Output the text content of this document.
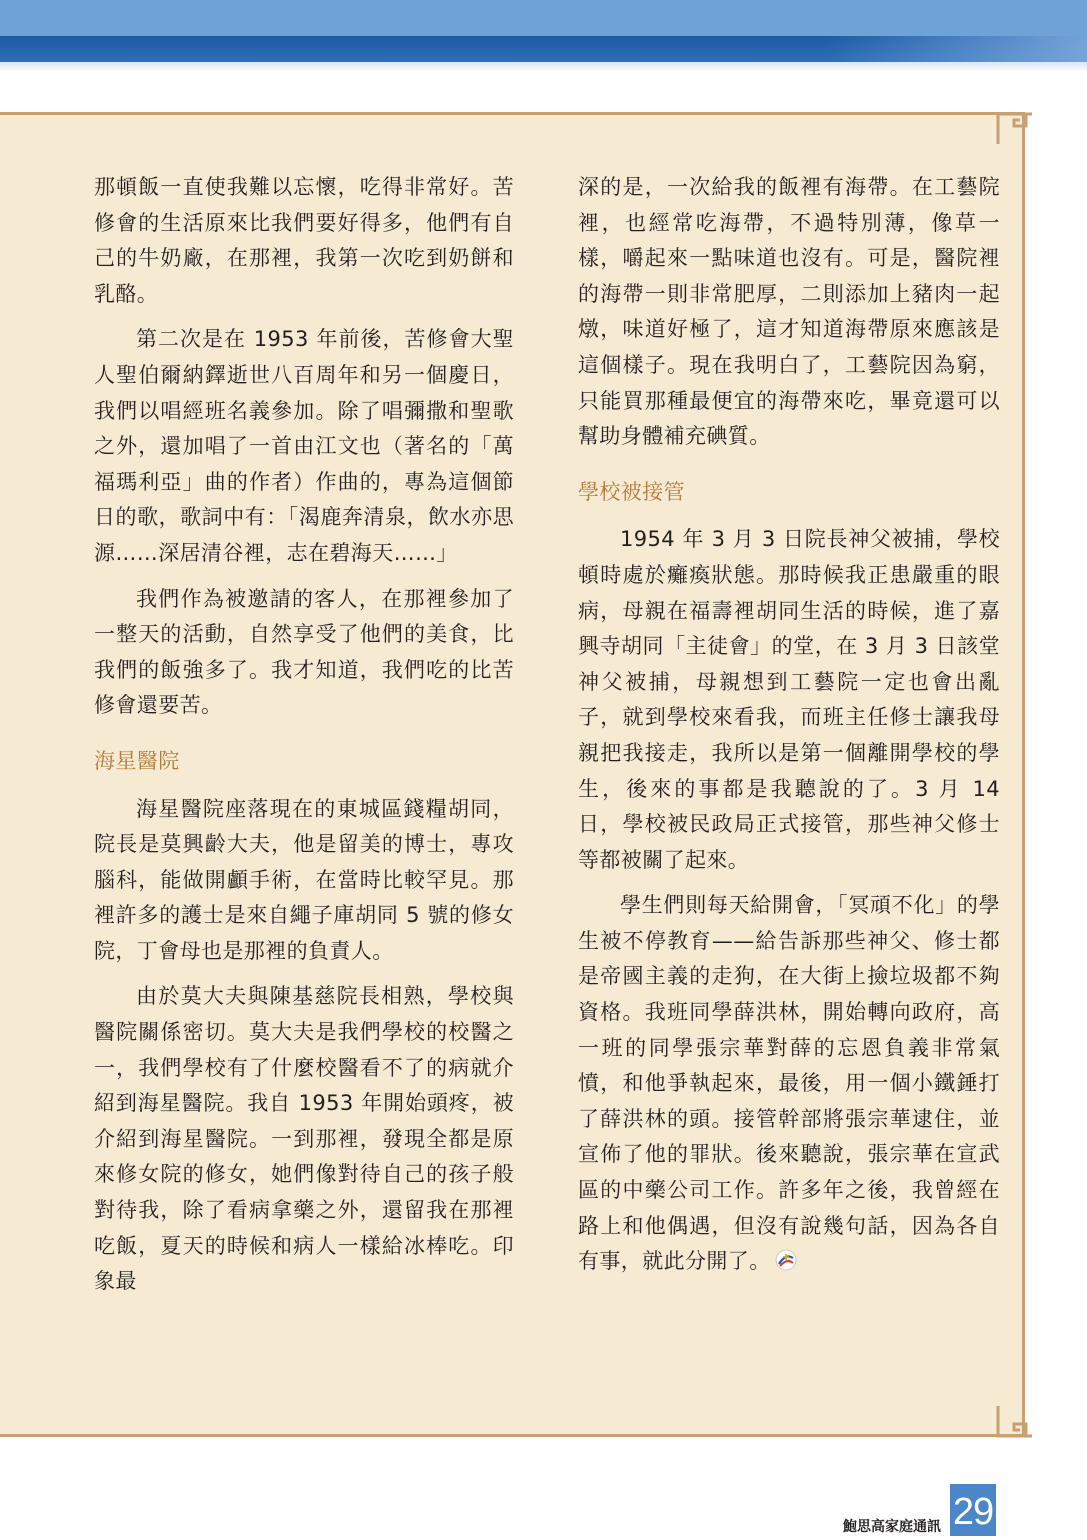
那頓飯一直使我難以忘懷，吃得非常好。苦修會的生活原來比我們要好得多，他們有自己的牛奶廠，在那裡，我第一次吃到奶餅和乳酪。

第二次是在 1953 年前後，苦修會大聖人聖伯爾納鐸逝世八百周年和另一個慶日，我們以唱經班名義參加。除了唱彌撒和聖歌之外，還加唱了一首由江文也（著名的「萬福瑪利亞」曲的作者）作曲的，專為這個節日的歌，歌詞中有：「渴鹿奔清泉，飲水亦思源……深居清谷裡，志在碧海天……」

我們作為被邀請的客人，在那裡參加了一整天的活動，自然享受了他們的美食，比我們的飯強多了。我才知道，我們吃的比苦修會還要苦。

海星醫院

海星醫院座落現在的東城區錢糧胡同，院長是莫興齡大夫，他是留美的博士，專攻腦科，能做開顱手術，在當時比較罕見。那裡許多的護士是來自繩子庫胡同 5 號的修女院，丁會母也是那裡的負責人。

由於莫大夫與陳基慈院長相熟，學校與醫院關係密切。莫大夫是我們學校的校醫之一，我們學校有了什麼校醫看不了的病就介紹到海星醫院。我自 1953 年開始頭疼，被介紹到海星醫院。一到那裡，發現全都是原來修女院的修女，她們像對待自己的孩子般對待我，除了看病拿藥之外，還留我在那裡吃飯，夏天的時候和病人一樣給冰棒吃。印象最

深的是，一次給我的飯裡有海帶。在工藝院裡，也經常吃海帶，不過特別薄，像草一樣，嚼起來一點味道也沒有。可是，醫院裡的海帶一則非常肥厚，二則添加上豬肉一起燉，味道好極了，這才知道海帶原來應該是這個樣子。現在我明白了，工藝院因為窮，只能買那種最便宜的海帶來吃，畢竟還可以幫助身體補充碘質。

學校被接管

1954 年 3 月 3 日院長神父被捕，學校頓時處於癱瘓狀態。那時候我正患嚴重的眼病，母親在福壽裡胡同生活的時候，進了嘉興寺胡同「主徒會」的堂，在 3 月 3 日該堂神父被捕，母親想到工藝院一定也會出亂子，就到學校來看我，而班主任修士讓我母親把我接走，我所以是第一個離開學校的學生，後來的事都是我聽說的了。3 月 14 日，學校被民政局正式接管，那些神父修士等都被關了起來。

學生們則每天給開會，「冥頑不化」的學生被不停教育——給告訴那些神父、修士都是帝國主義的走狗，在大街上撿垃圾都不夠資格。我班同學薛洪林，開始轉向政府，高一班的同學張宗華對薛的忘恩負義非常氣憤，和他爭執起來，最後，用一個小鐵錘打了薛洪林的頭。接管幹部將張宗華逮住，並宣佈了他的罪狀。後來聽說，張宗華在宣武區的中藥公司工作。許多年之後，我曾經在路上和他偶遇，但沒有說幾句話，因為各自有事，就此分開了。

鮑思高家庭通訊 29
